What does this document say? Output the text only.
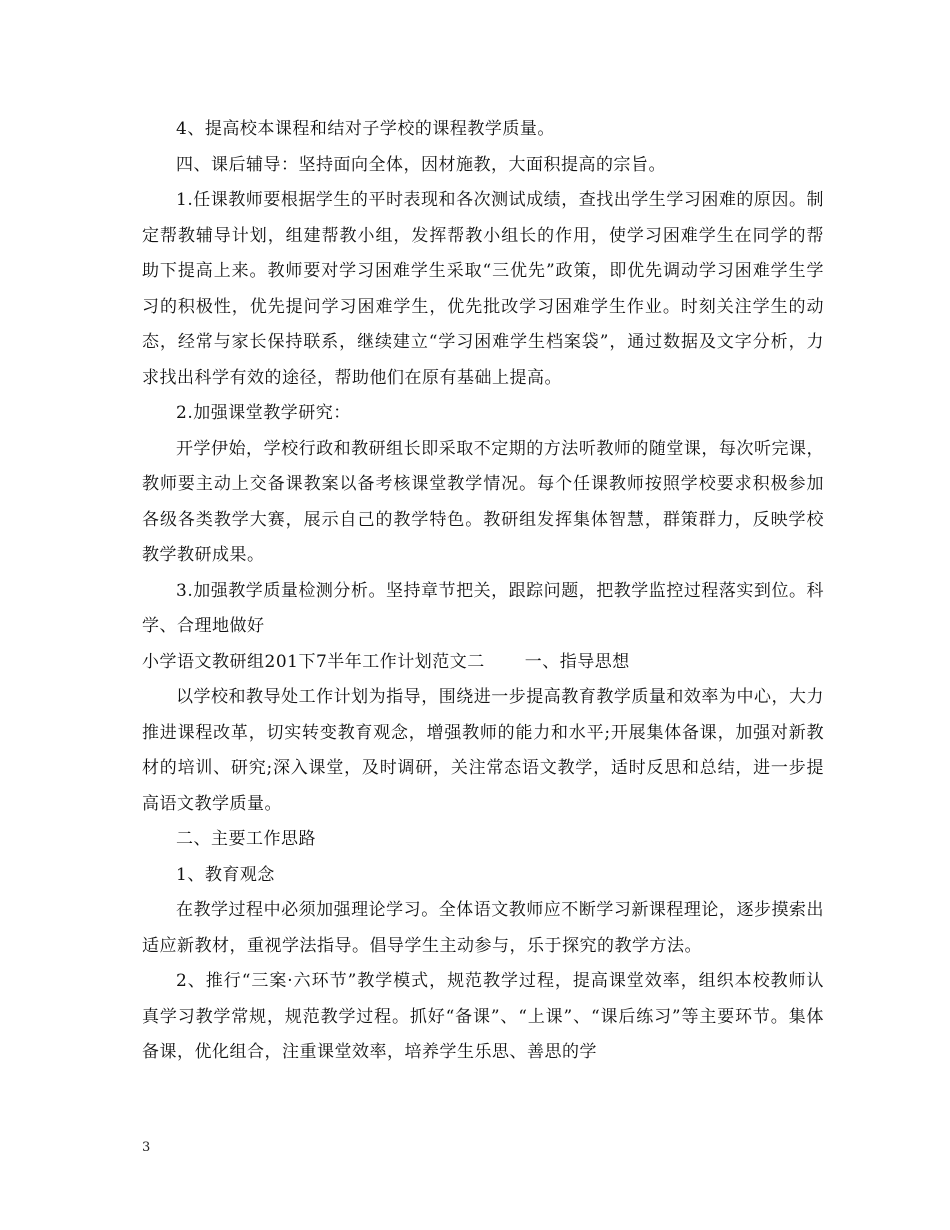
4、提高校本课程和结对子学校的课程教学质量。

四、课后辅导：坚持面向全体，因材施教，大面积提高的宗旨。

1.任课教师要根据学生的平时表现和各次测试成绩，查找出学生学习困难的原因。制定帮教辅导计划，组建帮教小组，发挥帮教小组长的作用，使学习困难学生在同学的帮助下提高上来。教师要对学习困难学生采取“三优先”政策，即优先调动学习困难学生学习的积极性，优先提问学习困难学生，优先批改学习困难学生作业。时刻关注学生的动态，经常与家长保持联系，继续建立“学习困难学生档案袋”，通过数据及文字分析，力求找出科学有效的途径，帮助他们在原有基础上提高。

2.加强课堂教学研究：

开学伊始，学校行政和教研组长即采取不定期的方法听教师的随堂课，每次听完课，教师要主动上交备课教案以备考核课堂教学情况。每个任课教师按照学校要求积极参加各级各类教学大赛，展示自己的教学特色。教研组发挥集体智慧，群策群力，反映学校教学教研成果。

3.加强教学质量检测分析。坚持章节把关，跟踪问题，把教学监控过程落实到位。科学、合理地做好

小学语文教研组201下7半年工作计划范文二 一、指导思想

以学校和教导处工作计划为指导，围绕进一步提高教育教学质量和效率为中心，大力推进课程改革，切实转变教育观念，增强教师的能力和水平;开展集体备课，加强对新教材的培训、研究;深入课堂，及时调研，关注常态语文教学，适时反思和总结，进一步提高语文教学质量。

二、主要工作思路

1、教育观念

在教学过程中必须加强理论学习。全体语文教师应不断学习新课程理论，逐步摸索出适应新教材，重视学法指导。倡导学生主动参与，乐于探究的教学方法。

2、推行“三案·六环节”教学模式，规范教学过程，提高课堂效率，组织本校教师认真学习教学常规，规范教学过程。抓好“备课”、“上课”、“课后练习”等主要环节。集体备课，优化组合，注重课堂效率，培养学生乐思、善思的学

3
